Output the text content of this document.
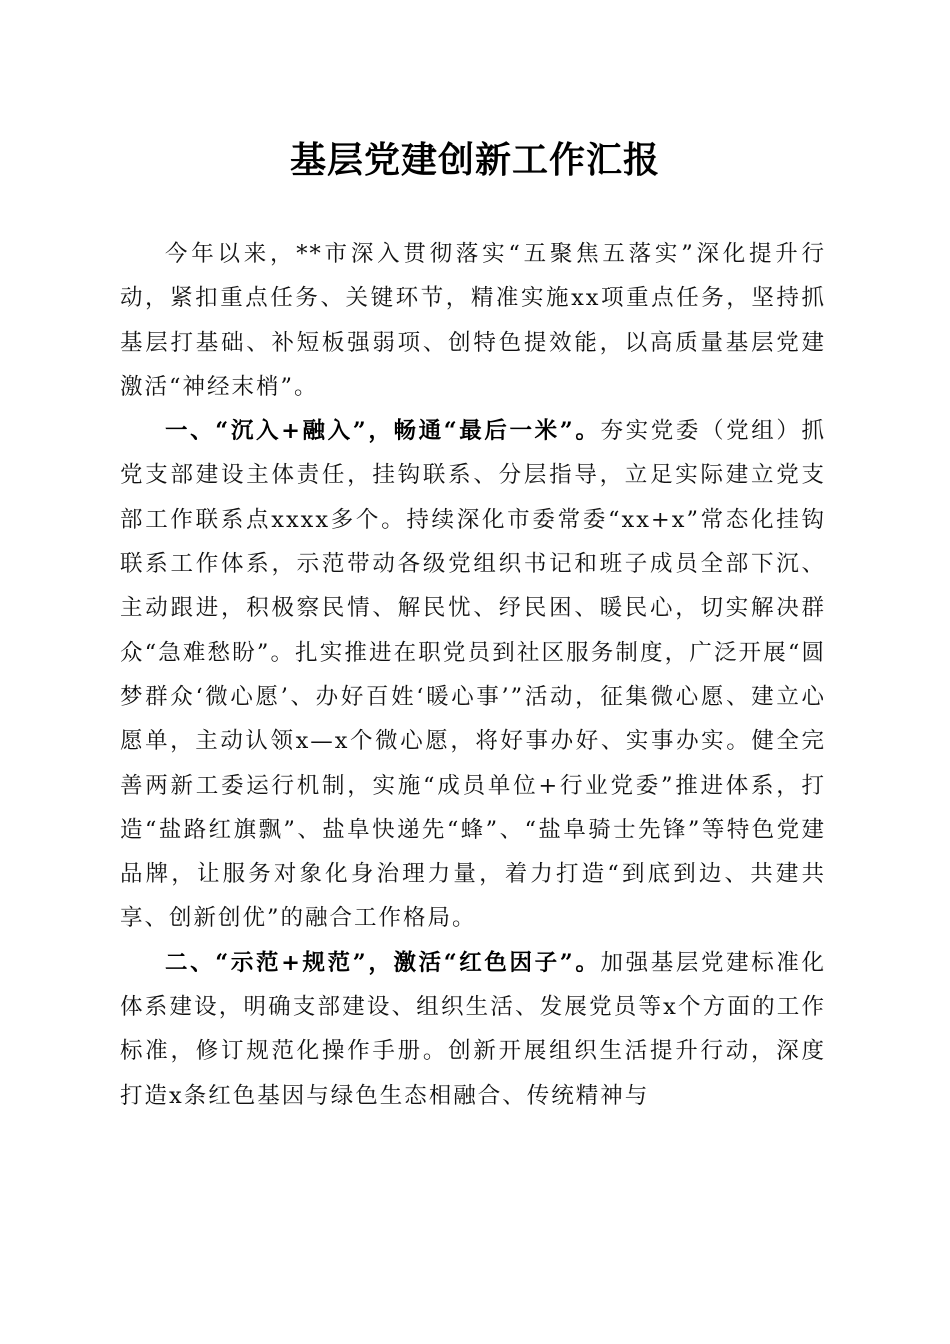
基层党建创新工作汇报

今年以来，**市深入贯彻落实“五聚焦五落实”深化提升行动，紧扣重点任务、关键环节，精准实施xx项重点任务，坚持抓基层打基础、补短板强弱项、创特色提效能，以高质量基层党建激活“神经末梢”。

一、“沉入+融入”，畅通“最后一米”。夯实党委（党组）抓党支部建设主体责任，挂钩联系、分层指导，立足实际建立党支部工作联系点xxxx多个。持续深化市委常委“xx+x”常态化挂钩联系工作体系，示范带动各级党组织书记和班子成员全部下沉、主动跟进，积极察民情、解民忧、纾民困、暖民心，切实解决群众“急难愁盼”。扎实推进在职党员到社区服务制度，广泛开展“圆梦群众‘微心愿’、办好百姓‘暖心事’”活动，征集微心愿、建立心愿单，主动认领x—x个微心愿，将好事办好、实事办实。健全完善两新工委运行机制，实施“成员单位+行业党委”推进体系，打造“盐路红旗飘”、盐阜快递先“蜂”、“盐阜骑士先锋”等特色党建品牌，让服务对象化身治理力量，着力打造“到底到边、共建共享、创新创优”的融合工作格局。

二、“示范+规范”，激活“红色因子”。加强基层党建标准化体系建设，明确支部建设、组织生活、发展党员等x个方面的工作标准，修订规范化操作手册。创新开展组织生活提升行动，深度打造x条红色基因与绿色生态相融合、传统精神与
